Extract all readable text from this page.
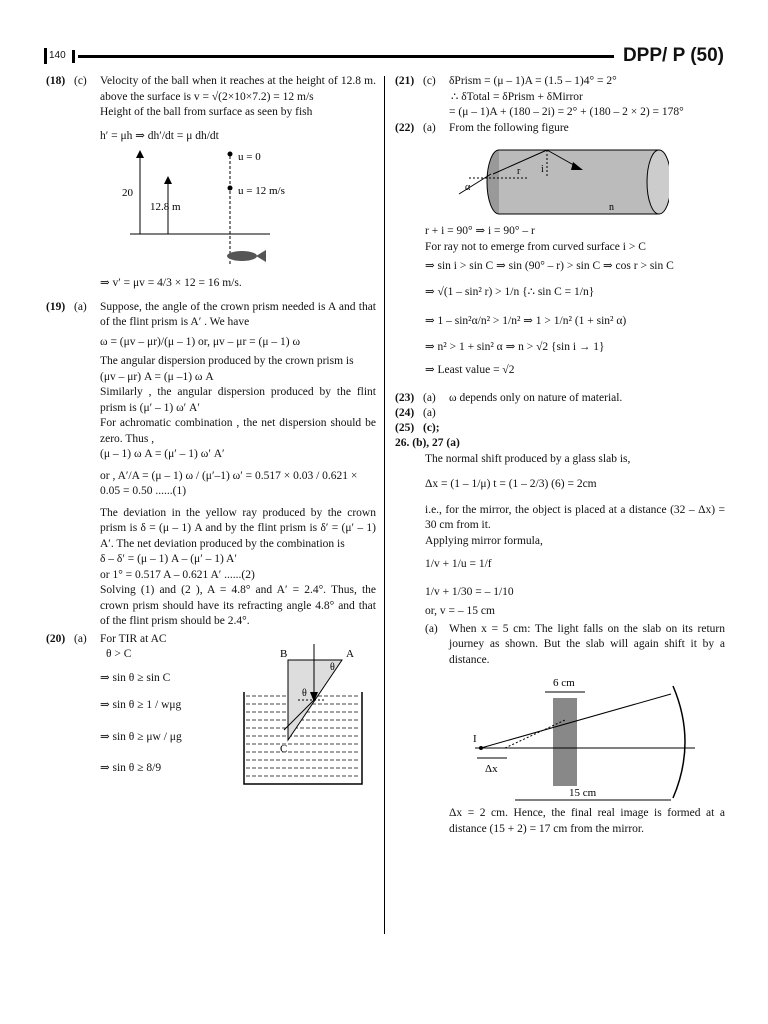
140	DPP/ P (50)
(18) (c) Velocity of the ball when it reaches at the height of 12.8 m. above the surface is v = √(2×10×7.2) = 12 m/s

Height of the ball from surface as seen by fish

h′ = μh ⇒ dh′/dt = μ dh/dt

u = 0
u = 12 m/s
20
12.8 m

⇒ v′ = μv = 4/3 × 12 = 16 m/s.

(19) (a) Suppose, the angle of the crown prism needed is A and that of the flint prism is A′ . We have

ω = (μv – μr)/(μ – 1) or, μv – μr = (μ – 1) ω

The angular dispersion produced by the crown prism is

(μv – μr) A = (μ –1) ω A

Similarly , the angular dispersion produced by the flint prism is (μ′ – 1) ω′ A′

For achromatic combination , the net dispersion should be zero. Thus ,

(μ – 1) ω A = (μ′ – 1) ω′ A′

or , A′/A = (μ – 1) ω / (μ′–1) ω′ = 0.517 × 0.03 / 0.621 × 0.05 = 0.50 ......(1)

The deviation in the yellow ray produced by the crown prism is δ = (μ – 1) A and by the flint prism is δ′ = (μ′ – 1) A′. The net deviation produced by the combination is

δ – δ′ = (μ – 1) A – (μ′ – 1) A′

or 1° = 0.517 A – 0.621 A′ ......(2)

Solving (1) and (2 ), A = 4.8° and A′ = 2.4°. Thus, the crown prism should have its refracting angle 4.8° and that of the flint prism should be 2.4°.

(20) (a) For TIR at AC

θ > C

⇒ sin θ ≥ sin C

⇒ sin θ ≥ 1 / wμg

⇒ sin θ ≥ μw / μg

⇒ sin θ ≥ 8/9

B	A
C
θ
θ
(21) (c) δPrism = (μ – 1)A = (1.5 – 1)4° = 2°

∴ δTotal = δPrism + δMirror

= (μ – 1)A + (180 – 2i) = 2° + (180 – 2 × 2) = 178°

(22) (a) From the following figure

α
r i
n

r + i = 90° ⇒ i = 90° – r

For ray not to emerge from curved surface i > C

⇒ sin i > sin C ⇒ sin (90° – r) > sin C ⇒ cos r > sin C

⇒ √(1 – sin² r) > 1/n {∴ sin C = 1/n}

⇒ 1 – sin²α/n² > 1/n² ⇒ 1 > 1/n² (1 + sin² α)

⇒ n² > 1 + sin² α ⇒ n > √2 {sin i → 1}

⇒ Least value = √2

(23) (a) ω depends only on nature of material.

(24) (a)
(25) (c);
26. (b), 27 (a)

The normal shift produced by a glass slab is,

Δx = (1 – 1/μ) t = (1 – 2/3) (6) = 2cm

i.e., for the mirror, the object is placed at a distance (32 – Δx) = 30 cm from it.

Applying mirror formula,

1/v + 1/u = 1/f

1/v + 1/30 = – 1/10

or, v = – 15 cm

(a) When x = 5 cm: The light falls on the slab on its return journey as shown. But the slab will again shift it by a distance.

6 cm
I
Δx
15 cm

Δx = 2 cm. Hence, the final real image is formed at a distance (15 + 2) = 17 cm from the mirror.
